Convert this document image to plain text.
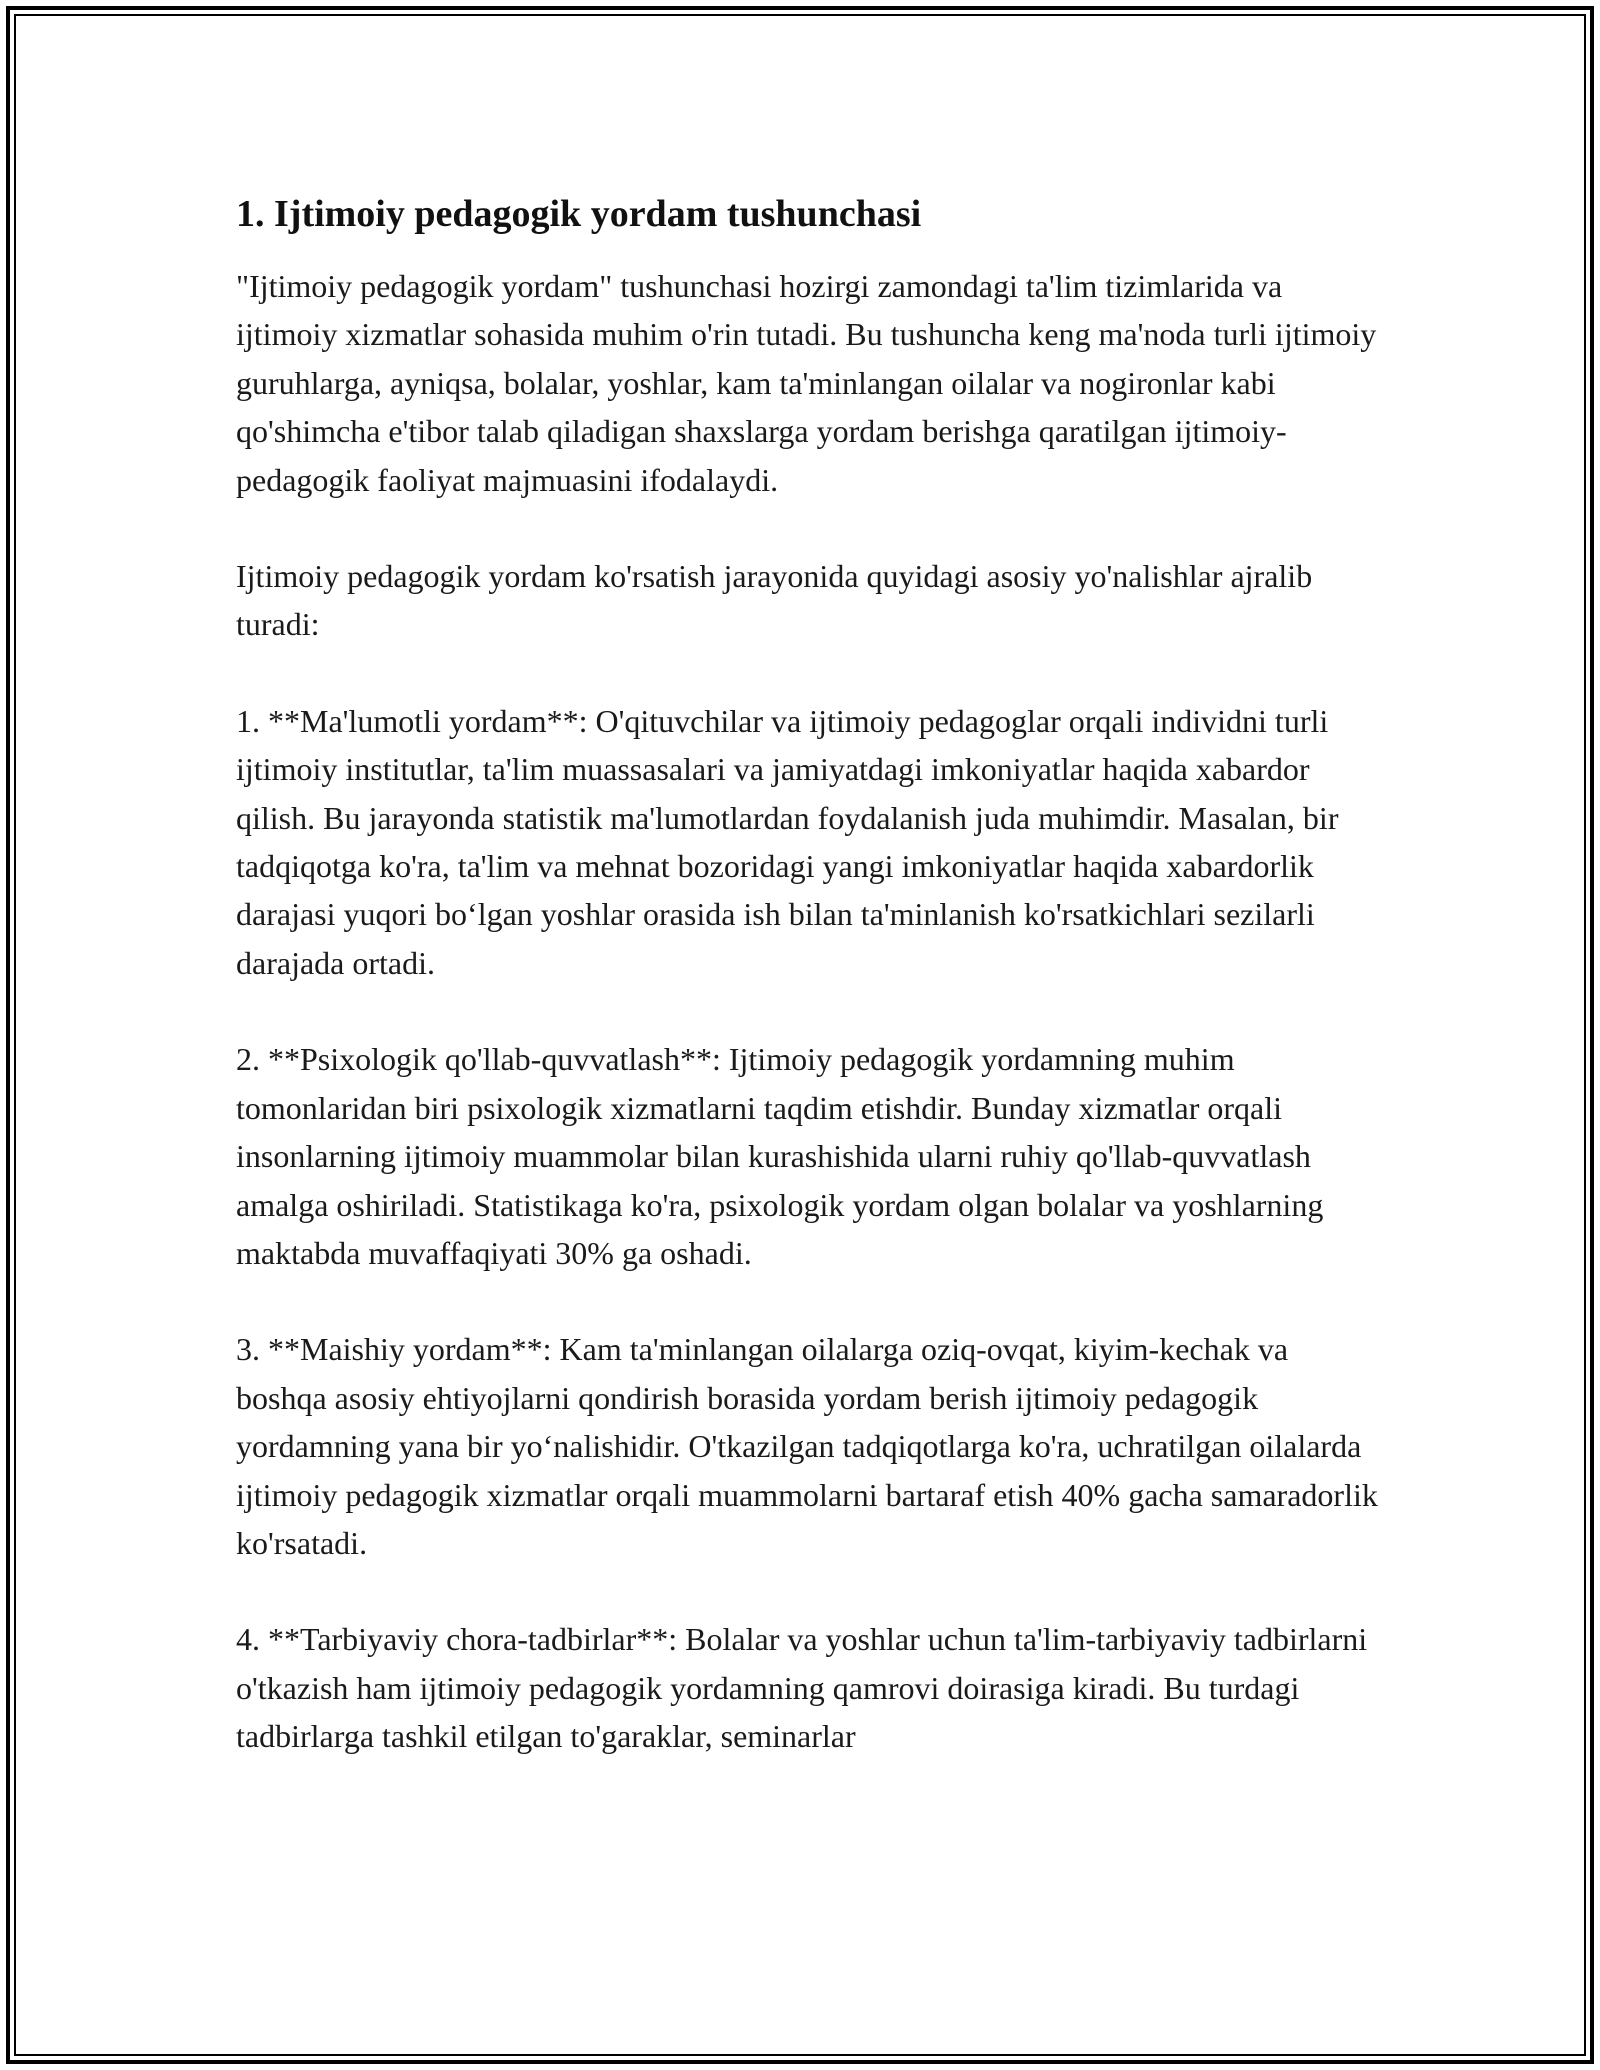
1. Ijtimoiy pedagogik yordam tushunchasi

"Ijtimoiy pedagogik yordam" tushunchasi hozirgi zamondagi ta'lim tizimlarida va ijtimoiy xizmatlar sohasida muhim o'rin tutadi. Bu tushuncha keng ma'noda turli ijtimoiy guruhlarga, ayniqsa, bolalar, yoshlar, kam ta'minlangan oilalar va nogironlar kabi qo'shimcha e'tibor talab qiladigan shaxslarga yordam berishga qaratilgan ijtimoiy-pedagogik faoliyat majmuasini ifodalaydi.

Ijtimoiy pedagogik yordam ko'rsatish jarayonida quyidagi asosiy yo'nalishlar ajralib turadi:

1. **Ma'lumotli yordam**: O'qituvchilar va ijtimoiy pedagoglar orqali individni turli ijtimoiy institutlar, ta'lim muassasalari va jamiyatdagi imkoniyatlar haqida xabardor qilish. Bu jarayonda statistik ma'lumotlardan foydalanish juda muhimdir. Masalan, bir tadqiqotga ko'ra, ta'lim va mehnat bozoridagi yangi imkoniyatlar haqida xabardorlik darajasi yuqori bo‘lgan yoshlar orasida ish bilan ta'minlanish ko'rsatkichlari sezilarli darajada ortadi.

2. **Psixologik qo'llab-quvvatlash**: Ijtimoiy pedagogik yordamning muhim tomonlaridan biri psixologik xizmatlarni taqdim etishdir. Bunday xizmatlar orqali insonlarning ijtimoiy muammolar bilan kurashishida ularni ruhiy qo'llab-quvvatlash amalga oshiriladi. Statistikaga ko'ra, psixologik yordam olgan bolalar va yoshlarning maktabda muvaffaqiyati 30% ga oshadi.

3. **Maishiy yordam**: Kam ta'minlangan oilalarga oziq-ovqat, kiyim-kechak va boshqa asosiy ehtiyojlarni qondirish borasida yordam berish ijtimoiy pedagogik yordamning yana bir yo‘nalishidir. O'tkazilgan tadqiqotlarga ko'ra, uchratilgan oilalarda ijtimoiy pedagogik xizmatlar orqali muammolarni bartaraf etish 40% gacha samaradorlik ko'rsatadi.

4. **Tarbiyaviy chora-tadbirlar**: Bolalar va yoshlar uchun ta'lim-tarbiyaviy tadbirlarni o'tkazish ham ijtimoiy pedagogik yordamning qamrovi doirasiga kiradi. Bu turdagi tadbirlarga tashkil etilgan to'garaklar, seminarlar
